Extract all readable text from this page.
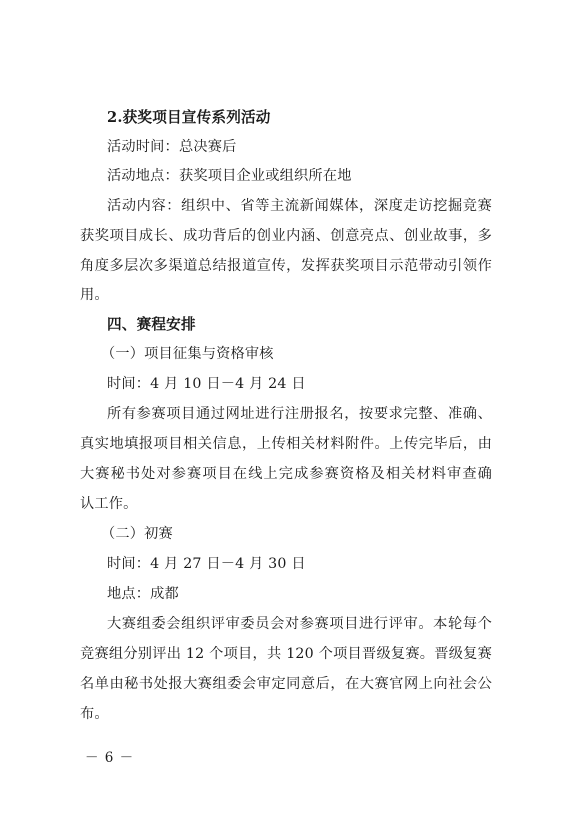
2.获奖项目宣传系列活动
活动时间：总决赛后
活动地点：获奖项目企业或组织所在地
活动内容：组织中、省等主流新闻媒体，深度走访挖掘竞赛
获奖项目成长、成功背后的创业内涵、创意亮点、创业故事，多
角度多层次多渠道总结报道宣传，发挥获奖项目示范带动引领作
用。
四、赛程安排
（一）项目征集与资格审核
时间：4 月 10 日－4 月 24 日
所有参赛项目通过网址进行注册报名，按要求完整、准确、
真实地填报项目相关信息，上传相关材料附件。上传完毕后，由
大赛秘书处对参赛项目在线上完成参赛资格及相关材料审查确
认工作。
（二）初赛
时间：4 月 27 日－4 月 30 日
地点：成都
大赛组委会组织评审委员会对参赛项目进行评审。本轮每个
竞赛组分别评出 12 个项目，共 120 个项目晋级复赛。晋级复赛
名单由秘书处报大赛组委会审定同意后，在大赛官网上向社会公
布。
－ 6 －
